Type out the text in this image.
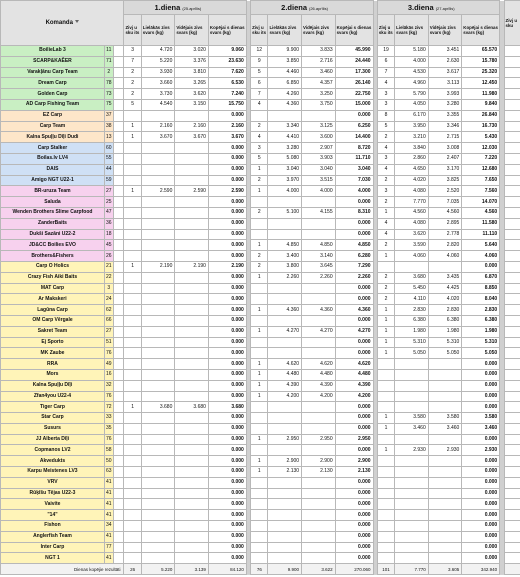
Komanda			1.diena (25.aprīlis)					2.diena (26.aprīlis)					3.diena (27.aprīlis)					Zivj u sku
			Zivj u sku its	Lielākās zivs svars (kg)	Vidējais zivs svars (kg)	Kopējai s dienas svars (kg)		Zivj u sku its	Lielākās zivs svars (kg)	Vidējais zivs svars (kg)	Kopējai s dienas svars (kg)		Zivj u sku its	Lielākās zivs svars (kg)	Vidējais zivs svars (kg)	Kopējai s dienas svars (kg)		
BoilieLab 3	11		3	4.720	3.020	9.060		12	9.900	3.833	45.990		19	5.180	3.451	65.570		
SCARP&KAĒER	71		7	5.220	3.376	23.630		9	3.850	2.716	24.440		6	4.000	2.630	15.780		
Varakļānu Carp Team	2		2	3.930	3.810	7.620		5	4.460	3.460	17.300		7	4.530	3.617	25.320		
Dream Carp	78		2	3.660	3.265	6.530		6	6.850	4.357	26.140		4	4.960	3.113	12.450		
Golden Carp	73		2	3.730	3.620	7.240		7	4.260	3.250	22.750		3	5.790	3.993	11.980		
AD Carp Fishing Team	75		5	4.540	3.150	15.750		4	4.360	3.750	15.000		3	4.050	3.280	9.840		
EZ Carp	37					0.000					0.000		8	6.170	3.355	26.840		
Carp Team	38		1	2.160	2.160	2.160		2	3.340	3.125	6.250		5	3.950	3.346	16.730		
Kalna Spuļļu Dīļi Dudi	13		1	3.670	3.670	3.670		4	4.410	3.600	14.400		2	3.210	2.715	5.430		
Carp Stalker	60					0.000		3	3.280	2.907	8.720		4	3.840	3.008	12.030		
Boilas.lv LV4	55					0.000		5	5.080	3.903	11.710		3	2.860	2.407	7.220		
DAIS	44					0.000		1	3.040	3.040	3.040		4	4.650	3.170	12.680		
Amigo NGT U22-1	59					0.000		2	3.970	3.515	7.030		2	4.020	3.825	7.650		
BR-uruza Team	27		1	2.590	2.590	2.590		1	4.000	4.000	4.000		3	4.080	2.520	7.560		
Saluda	25					0.000					0.000		2	7.770	7.035	14.070		
Wenden Brothers Slime Carpfood	47					0.000		2	5.100	4.155	8.310		1	4.560	4.560	4.560		
ZanderBaits	36					0.000					0.000		4	4.080	2.895	11.580		
Dukši Sazāni U22-2	18					0.000					0.000		4	3.620	2.778	11.110		
JD&CC Boilies EVO	45					0.000		1	4.850	4.850	4.850		2	3.590	2.820	5.640		
Brothers&Fishers	26					0.000		2	3.400	3.140	6.280		1	4.060	4.060	4.060		
Carp O Holics	21		1	2.190	2.190	2.190		2	3.800	3.645	7.290					0.000		
Crazy Fish Aiki Baits	22					0.000		1	2.260	2.260	2.260		2	3.680	3.435	6.870		
MAT Carp	3					0.000					0.000		2	5.450	4.425	8.850		
Ar Makskeri	24					0.000					0.000		2	4.110	4.020	8.040		
Lagūna Carp	62					0.000		1	4.360	4.360	4.360		1	2.830	2.830	2.830		
OM Carp Vērgale	66					0.000					0.000		1	6.380	6.380	6.380		
Sakret Team	27					0.000		1	4.270	4.270	4.270		1	1.980	1.980	1.980		
Ej Sporto	51					0.000					0.000		1	5.310	5.310	5.310		
MK Zaube	76					0.000					0.000		1	5.050	5.050	5.050		
RRA	49					0.000		1	4.620	4.620	4.620					0.000		
Mors	16					0.000		1	4.480	4.480	4.480					0.000		
Kalna Spuļļu Dīļi	32					0.000		1	4.390	4.390	4.390					0.000		
Zfan4you U22-4	76					0.000		1	4.200	4.200	4.200					0.000		
Tiger Carp	72		1	3.680	3.680	3.680					0.000					0.000		
Star Carp	33					0.000					0.000		1	3.580	3.580	3.580		
Susurs	35					0.000					0.000		1	3.460	3.460	3.460		
JJ Alberta Dīļi	76					0.000		1	2.950	2.950	2.950					0.000		
Copmanos LV2	58					0.000					0.000		1	2.930	2.930	2.930		
Akvedukts	50					0.000		1	2.900	2.900	2.900					0.000		
Karpu Meistenes LV3	63					0.000		1	2.130	2.130	2.130					0.000		
VRV	41					0.000					0.000					0.000		
Rūķīšu Tējas U22-3	41					0.000					0.000					0.000		
Vaivite	41					0.000					0.000					0.000		
"14"	41					0.000					0.000					0.000		
Fishon	34					0.000					0.000					0.000		
Anglerfish Team	41					0.000					0.000					0.000		
Inter Carp	77					0.000					0.000					0.000		
NGT 1	41					0.000					0.000					0.000		
Dienas kopējie rezultāti			26	5.220	3.139	84.120		76	9.900	3.622	270.060		101	7.770	3.605	342.940		
